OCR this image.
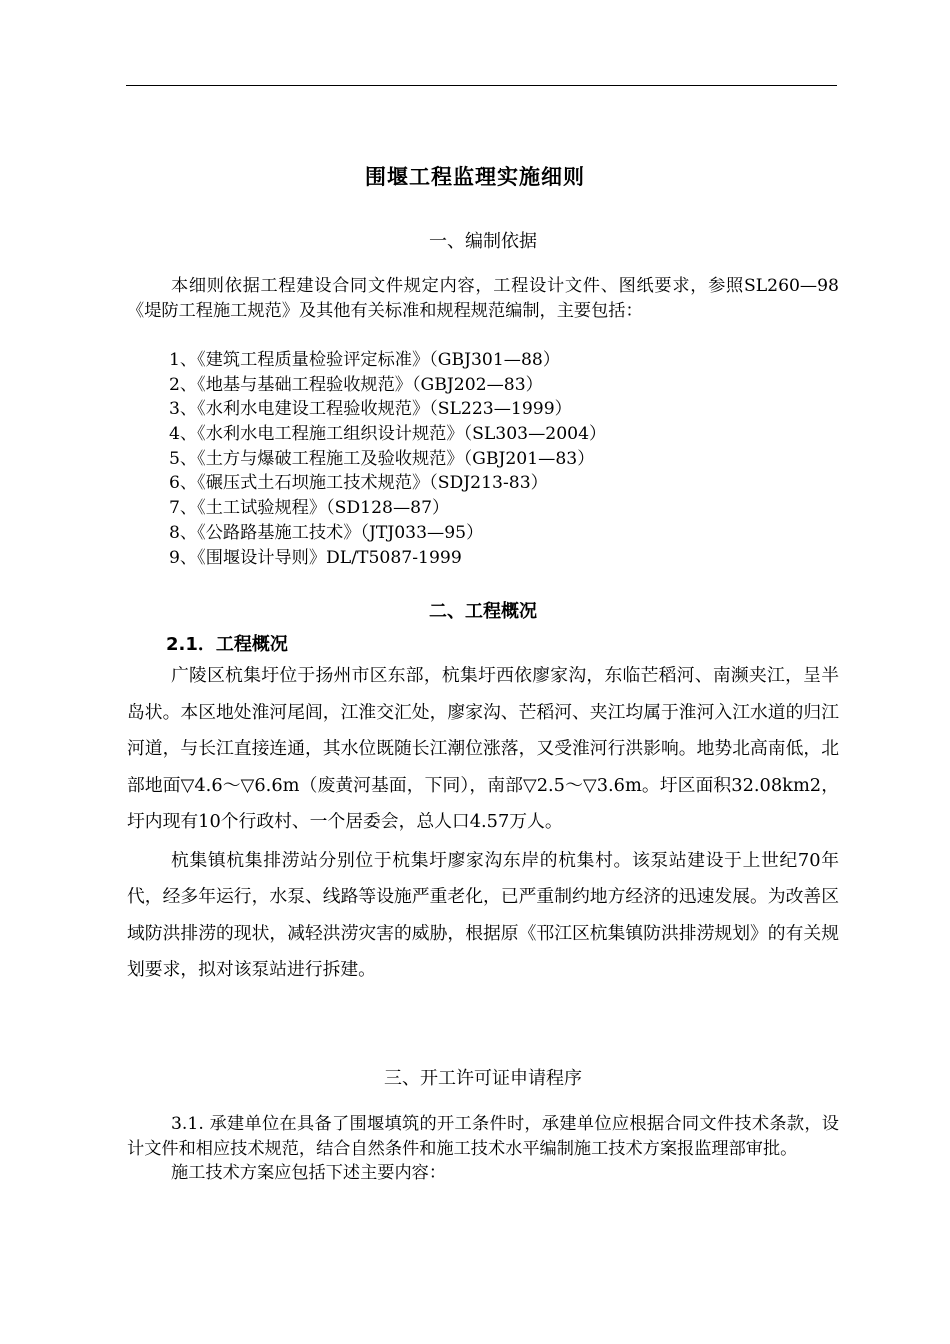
围堰工程监理实施细则
一、编制依据

本细则依据工程建设合同文件规定内容，工程设计文件、图纸要求，参照SL260—98《堤防工程施工规范》及其他有关标准和规程规范编制，主要包括：

1、《建筑工程质量检验评定标准》（GBJ301—88）
2、《地基与基础工程验收规范》（GBJ202—83）
3、《水利水电建设工程验收规范》（SL223—1999）
4、《水利水电工程施工组织设计规范》（SL303—2004）
5、《土方与爆破工程施工及验收规范》（GBJ201—83）
6、《碾压式土石坝施工技术规范》（SDJ213-83）
7、《土工试验规程》（SD128—87）
8、《公路路基施工技术》（JTJ033—95）
9、《围堰设计导则》DL/T5087-1999
二、工程概况
2.1．工程概况

广陵区杭集圩位于扬州市区东部，杭集圩西依廖家沟，东临芒稻河、南濒夹江，呈半岛状。本区地处淮河尾闾，江淮交汇处，廖家沟、芒稻河、夹江均属于淮河入江水道的归江河道，与长江直接连通，其水位既随长江潮位涨落，又受淮河行洪影响。地势北高南低，北部地面▽4.6～▽6.6m（废黄河基面，下同），南部▽2.5～▽3.6m。圩区面积32.08km2，圩内现有10个行政村、一个居委会，总人口4.57万人。

杭集镇杭集排涝站分别位于杭集圩廖家沟东岸的杭集村。该泵站建设于上世纪70年代，经多年运行，水泵、线路等设施严重老化，已严重制约地方经济的迅速发展。为改善区域防洪排涝的现状，减轻洪涝灾害的威胁，根据原《邗江区杭集镇防洪排涝规划》的有关规划要求，拟对该泵站进行拆建。

三、开工许可证申请程序

3.1. 承建单位在具备了围堰填筑的开工条件时，承建单位应根据合同文件技术条款，设计文件和相应技术规范，结合自然条件和施工技术水平编制施工技术方案报监理部审批。

施工技术方案应包括下述主要内容：
